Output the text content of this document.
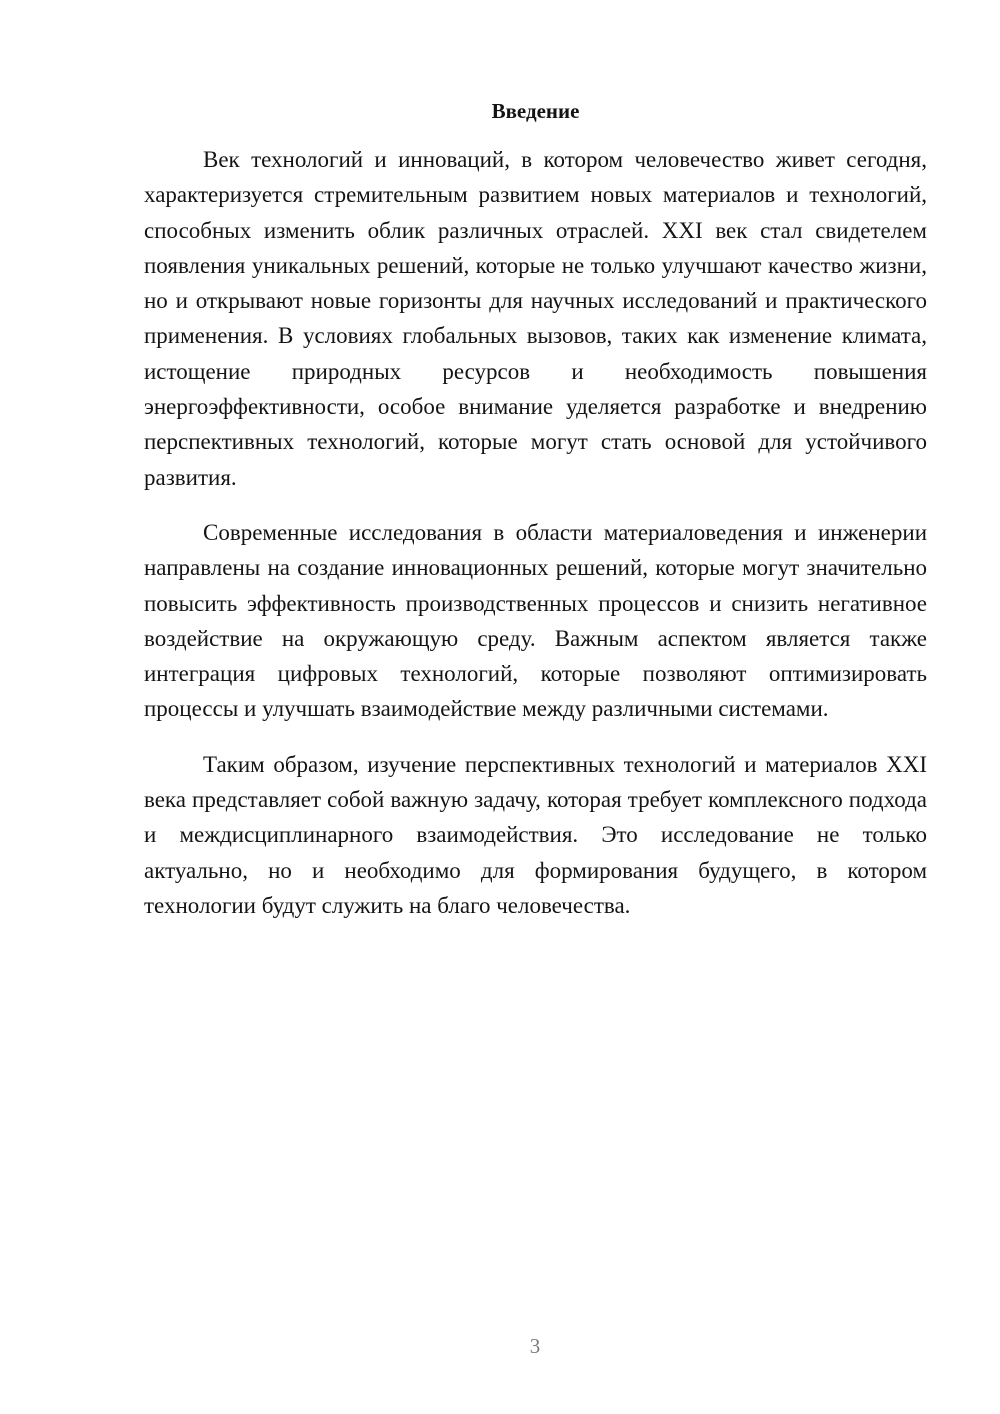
Введение

Век технологий и инноваций, в котором человечество живет сегодня, характеризуется стремительным развитием новых материалов и технологий, способных изменить облик различных отраслей. XXI век стал свидетелем появления уникальных решений, которые не только улучшают качество жизни, но и открывают новые горизонты для научных исследований и практического применения. В условиях глобальных вызовов, таких как изменение климата, истощение природных ресурсов и необходимость повышения энергоэффективности, особое внимание уделяется разработке и внедрению перспективных технологий, которые могут стать основой для устойчивого развития.

Современные исследования в области материаловедения и инженерии направлены на создание инновационных решений, которые могут значительно повысить эффективность производственных процессов и снизить негативное воздействие на окружающую среду. Важным аспектом является также интеграция цифровых технологий, которые позволяют оптимизировать процессы и улучшать взаимодействие между различными системами.

Таким образом, изучение перспективных технологий и материалов XXI века представляет собой важную задачу, которая требует комплексного подхода и междисциплинарного взаимодействия. Это исследование не только актуально, но и необходимо для формирования будущего, в котором технологии будут служить на благо человечества.

3
